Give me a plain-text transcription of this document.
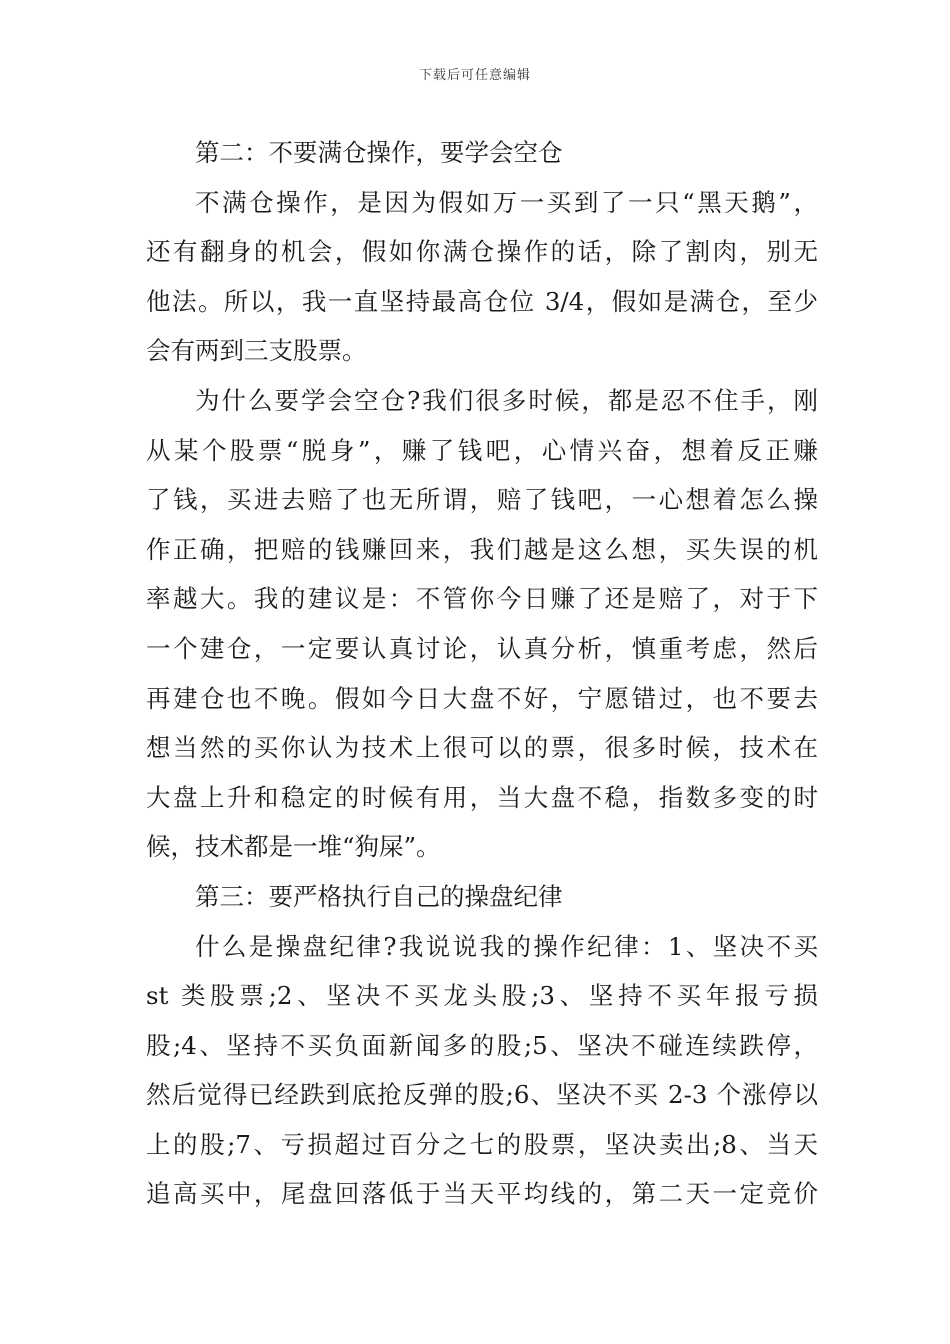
下载后可任意编辑
第二：不要满仓操作，要学会空仓
不满仓操作，是因为假如万一买到了一只“黑天鹅”，
还有翻身的机会，假如你满仓操作的话，除了割肉，别无
他法。所以，我一直坚持最高仓位 3/4，假如是满仓，至少
会有两到三支股票。
为什么要学会空仓?我们很多时候，都是忍不住手，刚
从某个股票“脱身”，赚了钱吧，心情兴奋，想着反正赚
了钱，买进去赔了也无所谓，赔了钱吧，一心想着怎么操
作正确，把赔的钱赚回来，我们越是这么想，买失误的机
率越大。我的建议是：不管你今日赚了还是赔了，对于下
一个建仓，一定要认真讨论，认真分析，慎重考虑，然后
再建仓也不晚。假如今日大盘不好，宁愿错过，也不要去
想当然的买你认为技术上很可以的票，很多时候，技术在
大盘上升和稳定的时候有用，当大盘不稳，指数多变的时
候，技术都是一堆“狗屎”。
第三：要严格执行自己的操盘纪律
什么是操盘纪律?我说说我的操作纪律：1、坚决不买
st 类股票;2、坚决不买龙头股;3、坚持不买年报亏损
股;4、坚持不买负面新闻多的股;5、坚决不碰连续跌停，
然后觉得已经跌到底抢反弹的股;6、坚决不买 2-3 个涨停以
上的股;7、亏损超过百分之七的股票，坚决卖出;8、当天
追高买中，尾盘回落低于当天平均线的，第二天一定竞价
